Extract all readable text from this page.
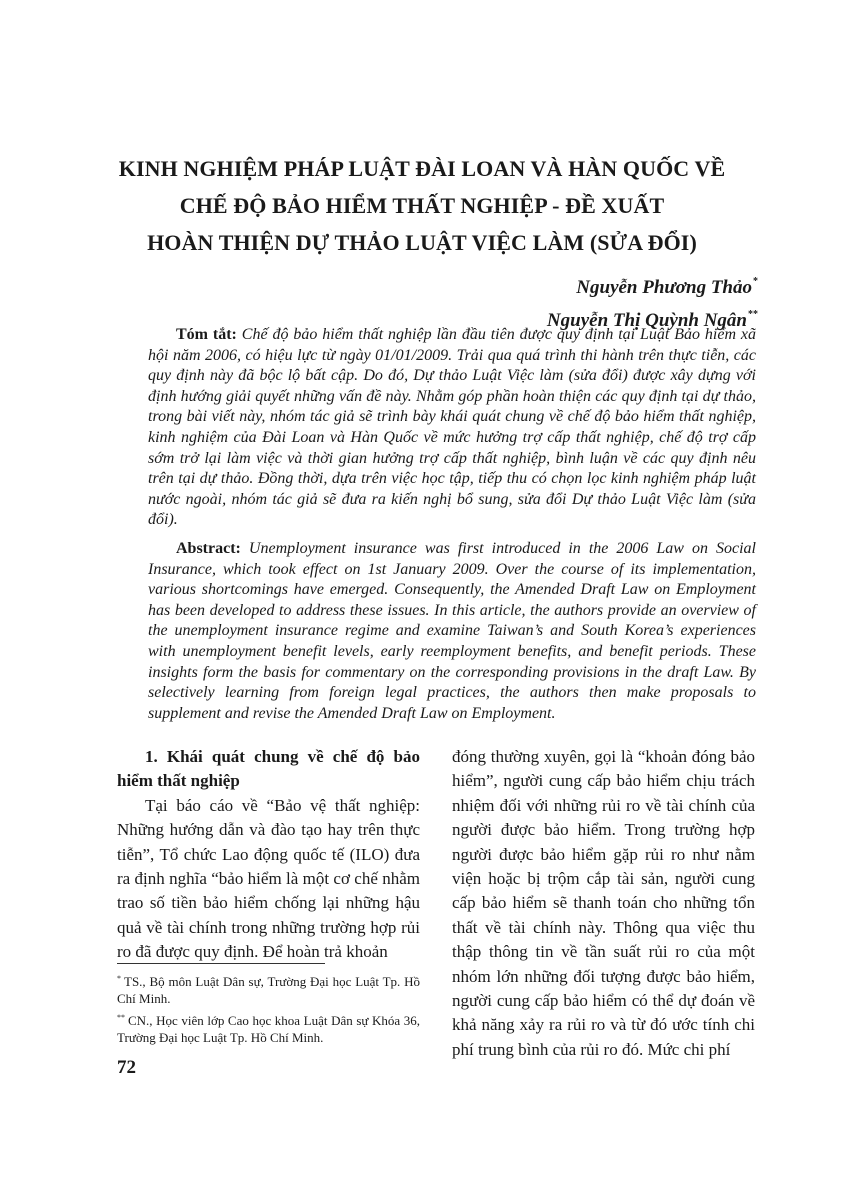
KINH NGHIỆM PHÁP LUẬT ĐÀI LOAN VÀ HÀN QUỐC VỀ
CHẾ ĐỘ BẢO HIỂM THẤT NGHIỆP - ĐỀ XUẤT
HOÀN THIỆN DỰ THẢO LUẬT VIỆC LÀM (SỬA ĐỔI)
Nguyễn Phương Thảo*
Nguyễn Thị Quỳnh Ngân**
Tóm tắt: Chế độ bảo hiểm thất nghiệp lần đầu tiên được quy định tại Luật Bảo hiểm xã hội năm 2006, có hiệu lực từ ngày 01/01/2009. Trải qua quá trình thi hành trên thực tiễn, các quy định này đã bộc lộ bất cập. Do đó, Dự thảo Luật Việc làm (sửa đổi) được xây dựng với định hướng giải quyết những vấn đề này. Nhằm góp phần hoàn thiện các quy định tại dự thảo, trong bài viết này, nhóm tác giả sẽ trình bày khái quát chung về chế độ bảo hiểm thất nghiệp, kinh nghiệm của Đài Loan và Hàn Quốc về mức hưởng trợ cấp thất nghiệp, chế độ trợ cấp sớm trở lại làm việc và thời gian hưởng trợ cấp thất nghiệp, bình luận về các quy định nêu trên tại dự thảo. Đồng thời, dựa trên việc học tập, tiếp thu có chọn lọc kinh nghiệm pháp luật nước ngoài, nhóm tác giả sẽ đưa ra kiến nghị bổ sung, sửa đổi Dự thảo Luật Việc làm (sửa đổi).
Abstract: Unemployment insurance was first introduced in the 2006 Law on Social Insurance, which took effect on 1st January 2009. Over the course of its implementation, various shortcomings have emerged. Consequently, the Amended Draft Law on Employment has been developed to address these issues. In this article, the authors provide an overview of the unemployment insurance regime and examine Taiwan’s and South Korea’s experiences with unemployment benefit levels, early reemployment benefits, and benefit periods. These insights form the basis for commentary on the corresponding provisions in the draft Law. By selectively learning from foreign legal practices, the authors then make proposals to supplement and revise the Amended Draft Law on Employment.
1. Khái quát chung về chế độ bảo hiểm thất nghiệp
Tại báo cáo về “Bảo vệ thất nghiệp: Những hướng dẫn và đào tạo hay trên thực tiễn”, Tổ chức Lao động quốc tế (ILO) đưa ra định nghĩa “bảo hiểm là một cơ chế nhằm trao số tiền bảo hiểm chống lại những hậu quả về tài chính trong những trường hợp rủi ro đã được quy định. Để hoàn trả khoản
đóng thường xuyên, gọi là “khoản đóng bảo hiểm”, người cung cấp bảo hiểm chịu trách nhiệm đối với những rủi ro về tài chính của người được bảo hiểm. Trong trường hợp người được bảo hiểm gặp rủi ro như nằm viện hoặc bị trộm cắp tài sản, người cung cấp bảo hiểm sẽ thanh toán cho những tổn thất về tài chính này. Thông qua việc thu thập thông tin về tần suất rủi ro của một nhóm lớn những đối tượng được bảo hiểm, người cung cấp bảo hiểm có thể dự đoán về khả năng xảy ra rủi ro và từ đó ước tính chi phí trung bình của rủi ro đó. Mức chi phí

* TS., Bộ môn Luật Dân sự, Trường Đại học Luật Tp. Hồ Chí Minh.

** CN., Học viên lớp Cao học khoa Luật Dân sự Khóa 36, Trường Đại học Luật Tp. Hồ Chí Minh.

72
